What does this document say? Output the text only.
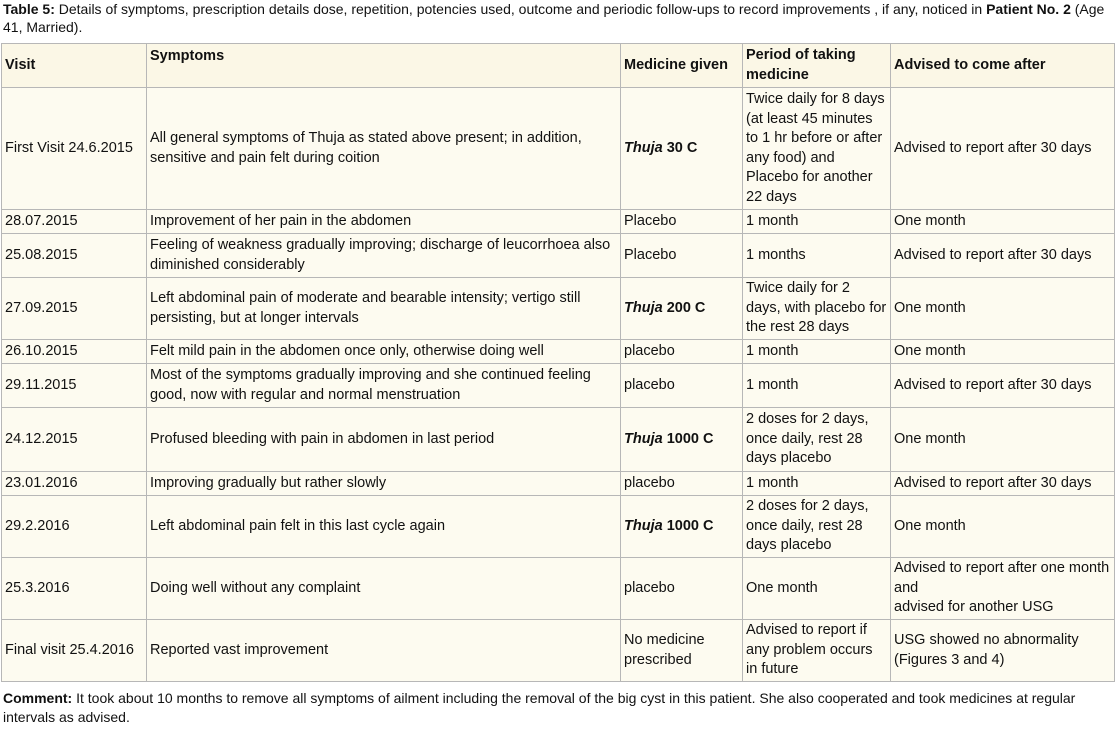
Table 5: Details of symptoms, prescription details dose, repetition, potencies used, outcome and periodic follow-ups to record improvements , if any, noticed in Patient No. 2 (Age 41, Married).
Visit	Symptoms	Medicine given	Period of taking medicine	Advised to come after
First Visit 24.6.2015	All general symptoms of Thuja as stated above present; in addition, sensitive and pain felt during coition	Thuja 30 C	Twice daily for 8 days (at least 45 minutes to 1 hr before or after any food) and Placebo for another 22 days	Advised to report after 30 days
28.07.2015	Improvement of her pain in the abdomen	Placebo	1 month	One month
25.08.2015	Feeling of weakness gradually improving; discharge of leucorrhoea also diminished considerably	Placebo	1 months	Advised to report after 30 days
27.09.2015	Left abdominal pain of moderate and bearable intensity; vertigo still persisting, but at longer intervals	Thuja 200 C	Twice daily for 2 days, with placebo for the rest 28 days	One month
26.10.2015	Felt mild pain in the abdomen once only, otherwise doing well	placebo	1 month	One month
29.11.2015	Most of the symptoms gradually improving and she continued feeling good, now with regular and normal menstruation	placebo	1 month	Advised to report after 30 days
24.12.2015	Profused bleeding with pain in abdomen in last period	Thuja 1000 C	2 doses for 2 days, once daily, rest 28 days placebo	One month
23.01.2016	Improving gradually but rather slowly	placebo	1 month	Advised to report after 30 days
29.2.2016	Left abdominal pain felt in this last cycle again	Thuja 1000 C	2 doses for 2 days, once daily, rest 28 days placebo	One month
25.3.2016	Doing well without any complaint	placebo	One month	Advised to report after one month and
advised for another USG
Final visit 25.4.2016	Reported vast improvement	No medicine prescribed	Advised to report if any problem occurs in future	USG showed no abnormality (Figures 3 and 4)
Comment: It took about 10 months to remove all symptoms of ailment including the removal of the big cyst in this patient. She also cooperated and took medicines at regular intervals as advised.
